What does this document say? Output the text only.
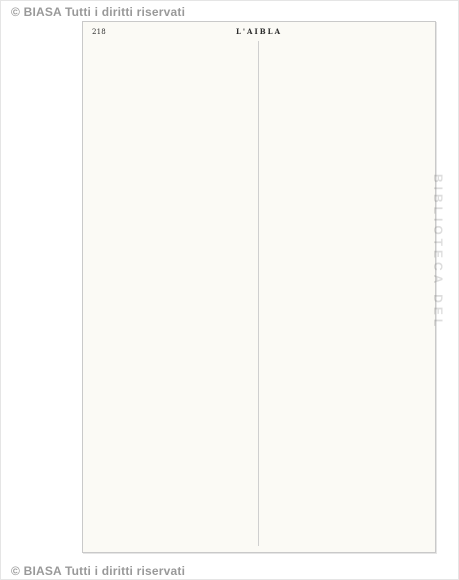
© BIASA Tutti i diritti riservati
© BIASA Tutti i diritti riservati
218	L'AIBLA

BIBLIOTECA DEL
